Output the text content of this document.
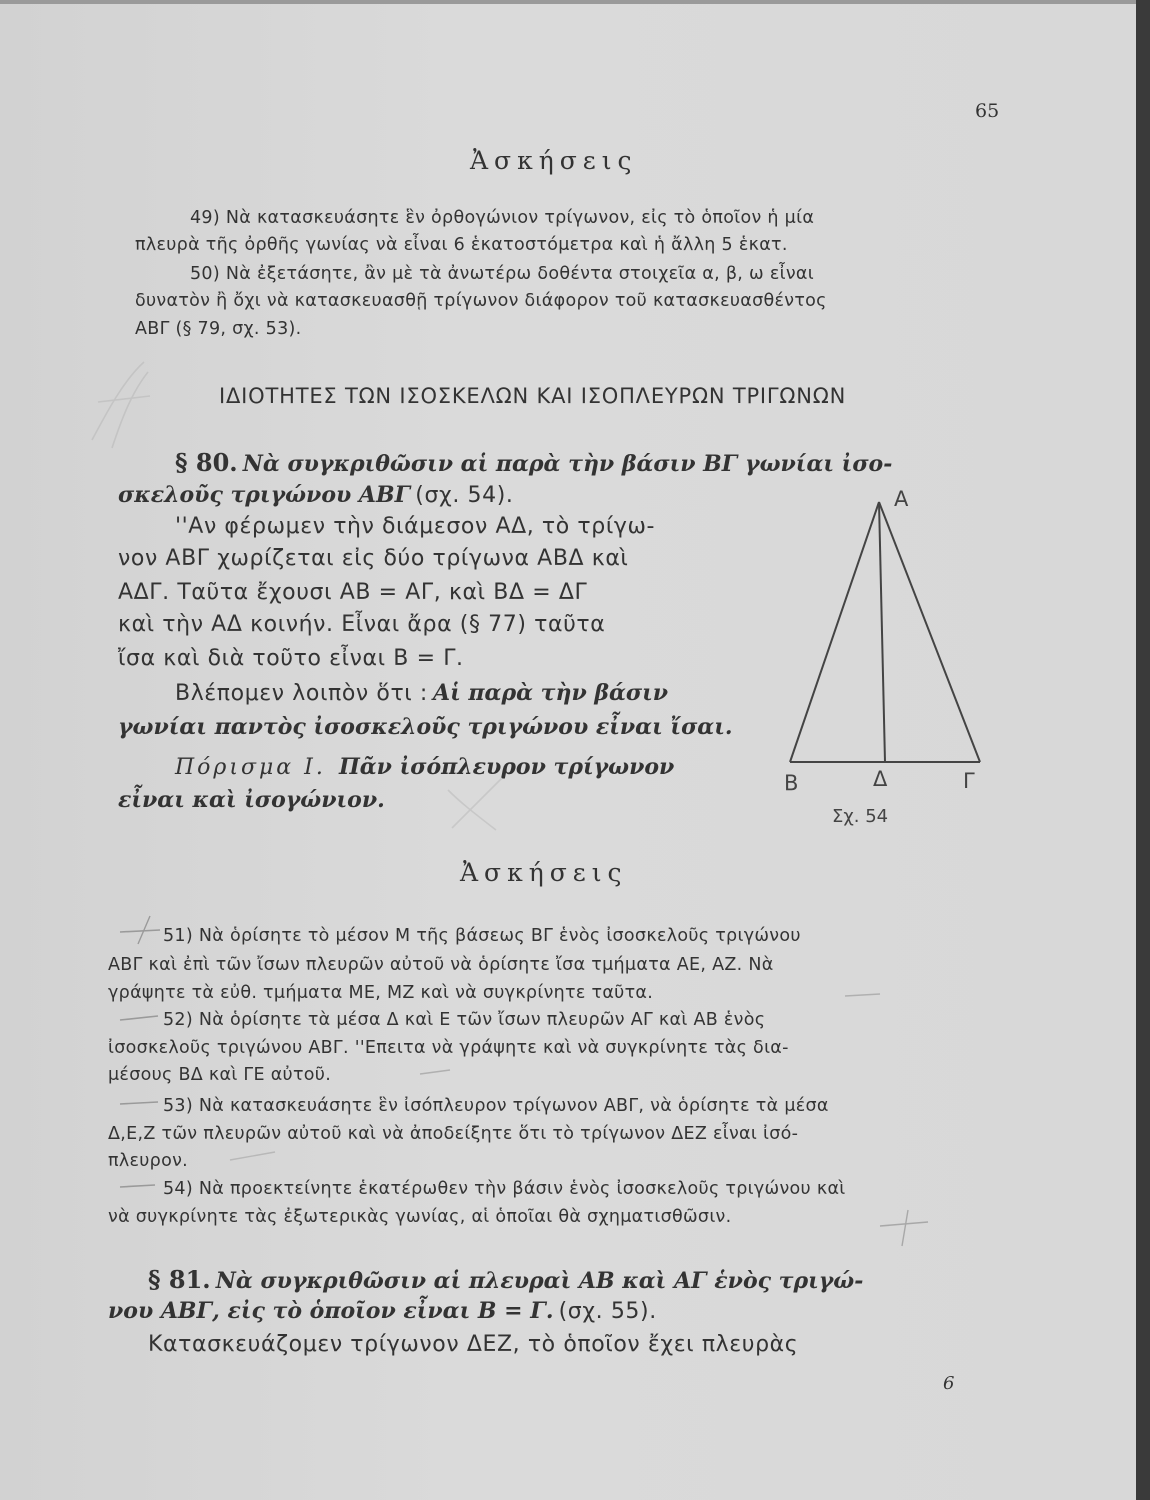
65
Ἀσκήσεις
49) Νὰ κατασκευάσητε ἓν ὀρθογώνιον τρίγωνον, εἰς τὸ ὁποῖον ἡ μία
πλευρὰ τῆς ὀρθῆς γωνίας νὰ εἶναι 6 ἑκατοστόμετρα καὶ ἡ ἄλλη 5 ἑκατ.
50) Νὰ ἐξετάσητε, ἂν μὲ τὰ ἀνωτέρω δοθέντα στοιχεῖα α, β, ω εἶναι
δυνατὸν ἢ ὄχι νὰ κατασκευασθῇ τρίγωνον διάφορον τοῦ κατασκευασθέντος
ΑΒΓ (§ 79, σχ. 53).
ΙΔΙΟΤΗΤΕΣ ΤΩΝ ΙΣΟΣΚΕΛΩΝ ΚΑΙ ΙΣΟΠΛΕΥΡΩΝ ΤΡΙΓΩΝΩΝ
§ 80. Νὰ συγκριθῶσιν αἱ παρὰ τὴν βάσιν ΒΓ γωνίαι ἰσο-
σκελοῦς τριγώνου ΑΒΓ (σχ. 54).
''Αν φέρωμεν τὴν διάμεσον ΑΔ, τὸ τρίγω-
νον ΑΒΓ χωρίζεται εἰς δύο τρίγωνα ΑΒΔ καὶ
ΑΔΓ. Ταῦτα ἔχουσι ΑΒ = ΑΓ, καὶ ΒΔ = ΔΓ
καὶ τὴν ΑΔ κοινήν. Εἶναι ἄρα (§ 77) ταῦτα
ἴσα καὶ διὰ τοῦτο εἶναι Β = Γ.
Βλέπομεν λοιπὸν ὅτι : Αἱ παρὰ τὴν βάσιν
γωνίαι παντὸς ἰσοσκελοῦς τριγώνου εἶναι ἴσαι.
Πόρισμα Ι. Πᾶν ἰσόπλευρον τρίγωνον
εἶναι καὶ ἰσογώνιον.
Α
Β	Δ	Γ
Σχ. 54
Ἀσκήσεις
51) Νὰ ὁρίσητε τὸ μέσον Μ τῆς βάσεως ΒΓ ἑνὸς ἰσοσκελοῦς τριγώνου
ΑΒΓ καὶ ἐπὶ τῶν ἴσων πλευρῶν αὐτοῦ νὰ ὁρίσητε ἴσα τμήματα ΑΕ, ΑΖ. Νὰ
γράψητε τὰ εὐθ. τμήματα ΜΕ, ΜΖ καὶ νὰ συγκρίνητε ταῦτα.
52) Νὰ ὁρίσητε τὰ μέσα Δ καὶ Ε τῶν ἴσων πλευρῶν ΑΓ καὶ ΑΒ ἑνὸς
ἰσοσκελοῦς τριγώνου ΑΒΓ. ''Επειτα νὰ γράψητε καὶ νὰ συγκρίνητε τὰς δια-
μέσους ΒΔ καὶ ΓΕ αὐτοῦ.
53) Νὰ κατασκευάσητε ἓν ἰσόπλευρον τρίγωνον ΑΒΓ, νὰ ὁρίσητε τὰ μέσα
Δ,Ε,Ζ τῶν πλευρῶν αὐτοῦ καὶ νὰ ἀποδείξητε ὅτι τὸ τρίγωνον ΔΕΖ εἶναι ἰσό-
πλευρον.
54) Νὰ προεκτείνητε ἑκατέρωθεν τὴν βάσιν ἑνὸς ἰσοσκελοῦς τριγώνου καὶ
νὰ συγκρίνητε τὰς ἐξωτερικὰς γωνίας, αἱ ὁποῖαι θὰ σχηματισθῶσιν.
§ 81. Νὰ συγκριθῶσιν αἱ πλευραὶ ΑΒ καὶ ΑΓ ἑνὸς τριγώ-
νου ΑΒΓ, εἰς τὸ ὁποῖον εἶναι Β = Γ. (σχ. 55).
Κατασκευάζομεν τρίγωνον ΔΕΖ, τὸ ὁποῖον ἔχει πλευρὰς
6
